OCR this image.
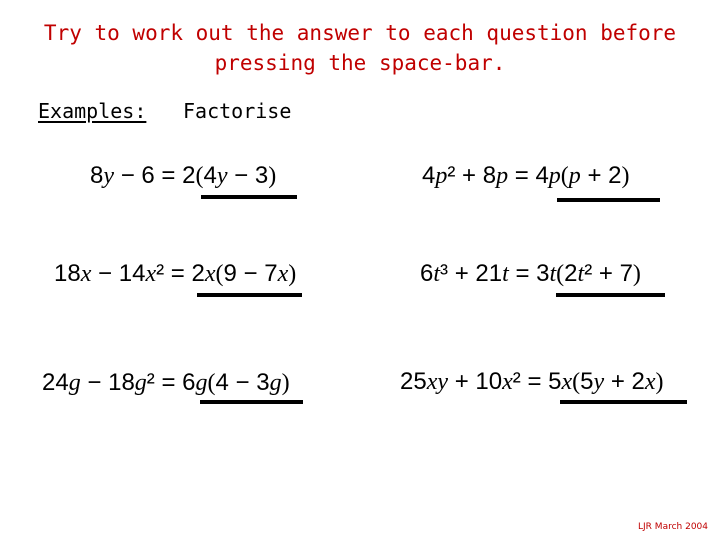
Try to work out the answer to each question before
pressing the space-bar.
Examples: Factorise
8y − 6 = 2(4y − 3)	4p² + 8p = 4p(p + 2)
18x − 14x² = 2x(9 − 7x)	6t³ + 21t = 3t(2t² + 7)
24g − 18g² = 6g(4 − 3g)	25xy + 10x² = 5x(5y + 2x)
LJR March 2004
